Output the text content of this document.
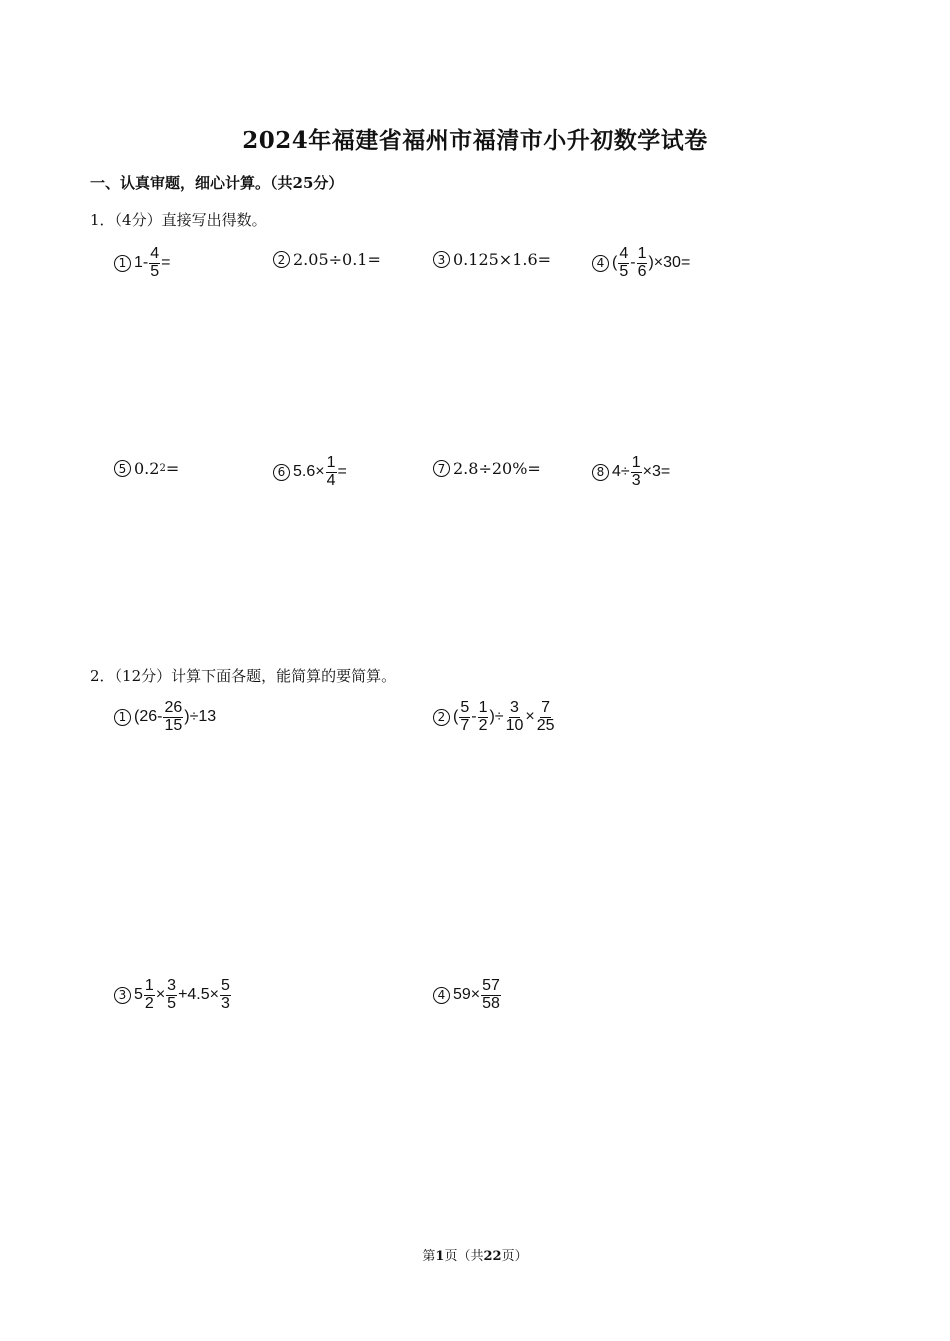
2024年福建省福州市福清市小升初数学试卷
一、认真审题，细心计算。（共25分）
1．（4分）直接写出得数。
1 $1- \frac{4}{5}$ =	2 2.05÷0.1=	3 0.125×1.6=	4 ( $\frac{4}{5} - \frac{1}{6} )\times 30=$
5 0.2 2 =	6 $5.6\times \frac{1}{4}$ =	7 2.8÷20%=	8 $4\div \frac{1}{3} \times 3=$
2．（12分）计算下面各题，能简算的要简算。
1 $(26- \frac{26}{15} )\div 13$	2 ( $\frac{5}{7} - \frac{1}{2}$ )÷ $\frac{3}{10} \times \frac{7}{25}$
3 $5 \frac{1}{2} \times \frac{3}{5} +4.5\times \frac{5}{3}$	4 $59\times \frac{57}{58}$
第1页（共22页）
